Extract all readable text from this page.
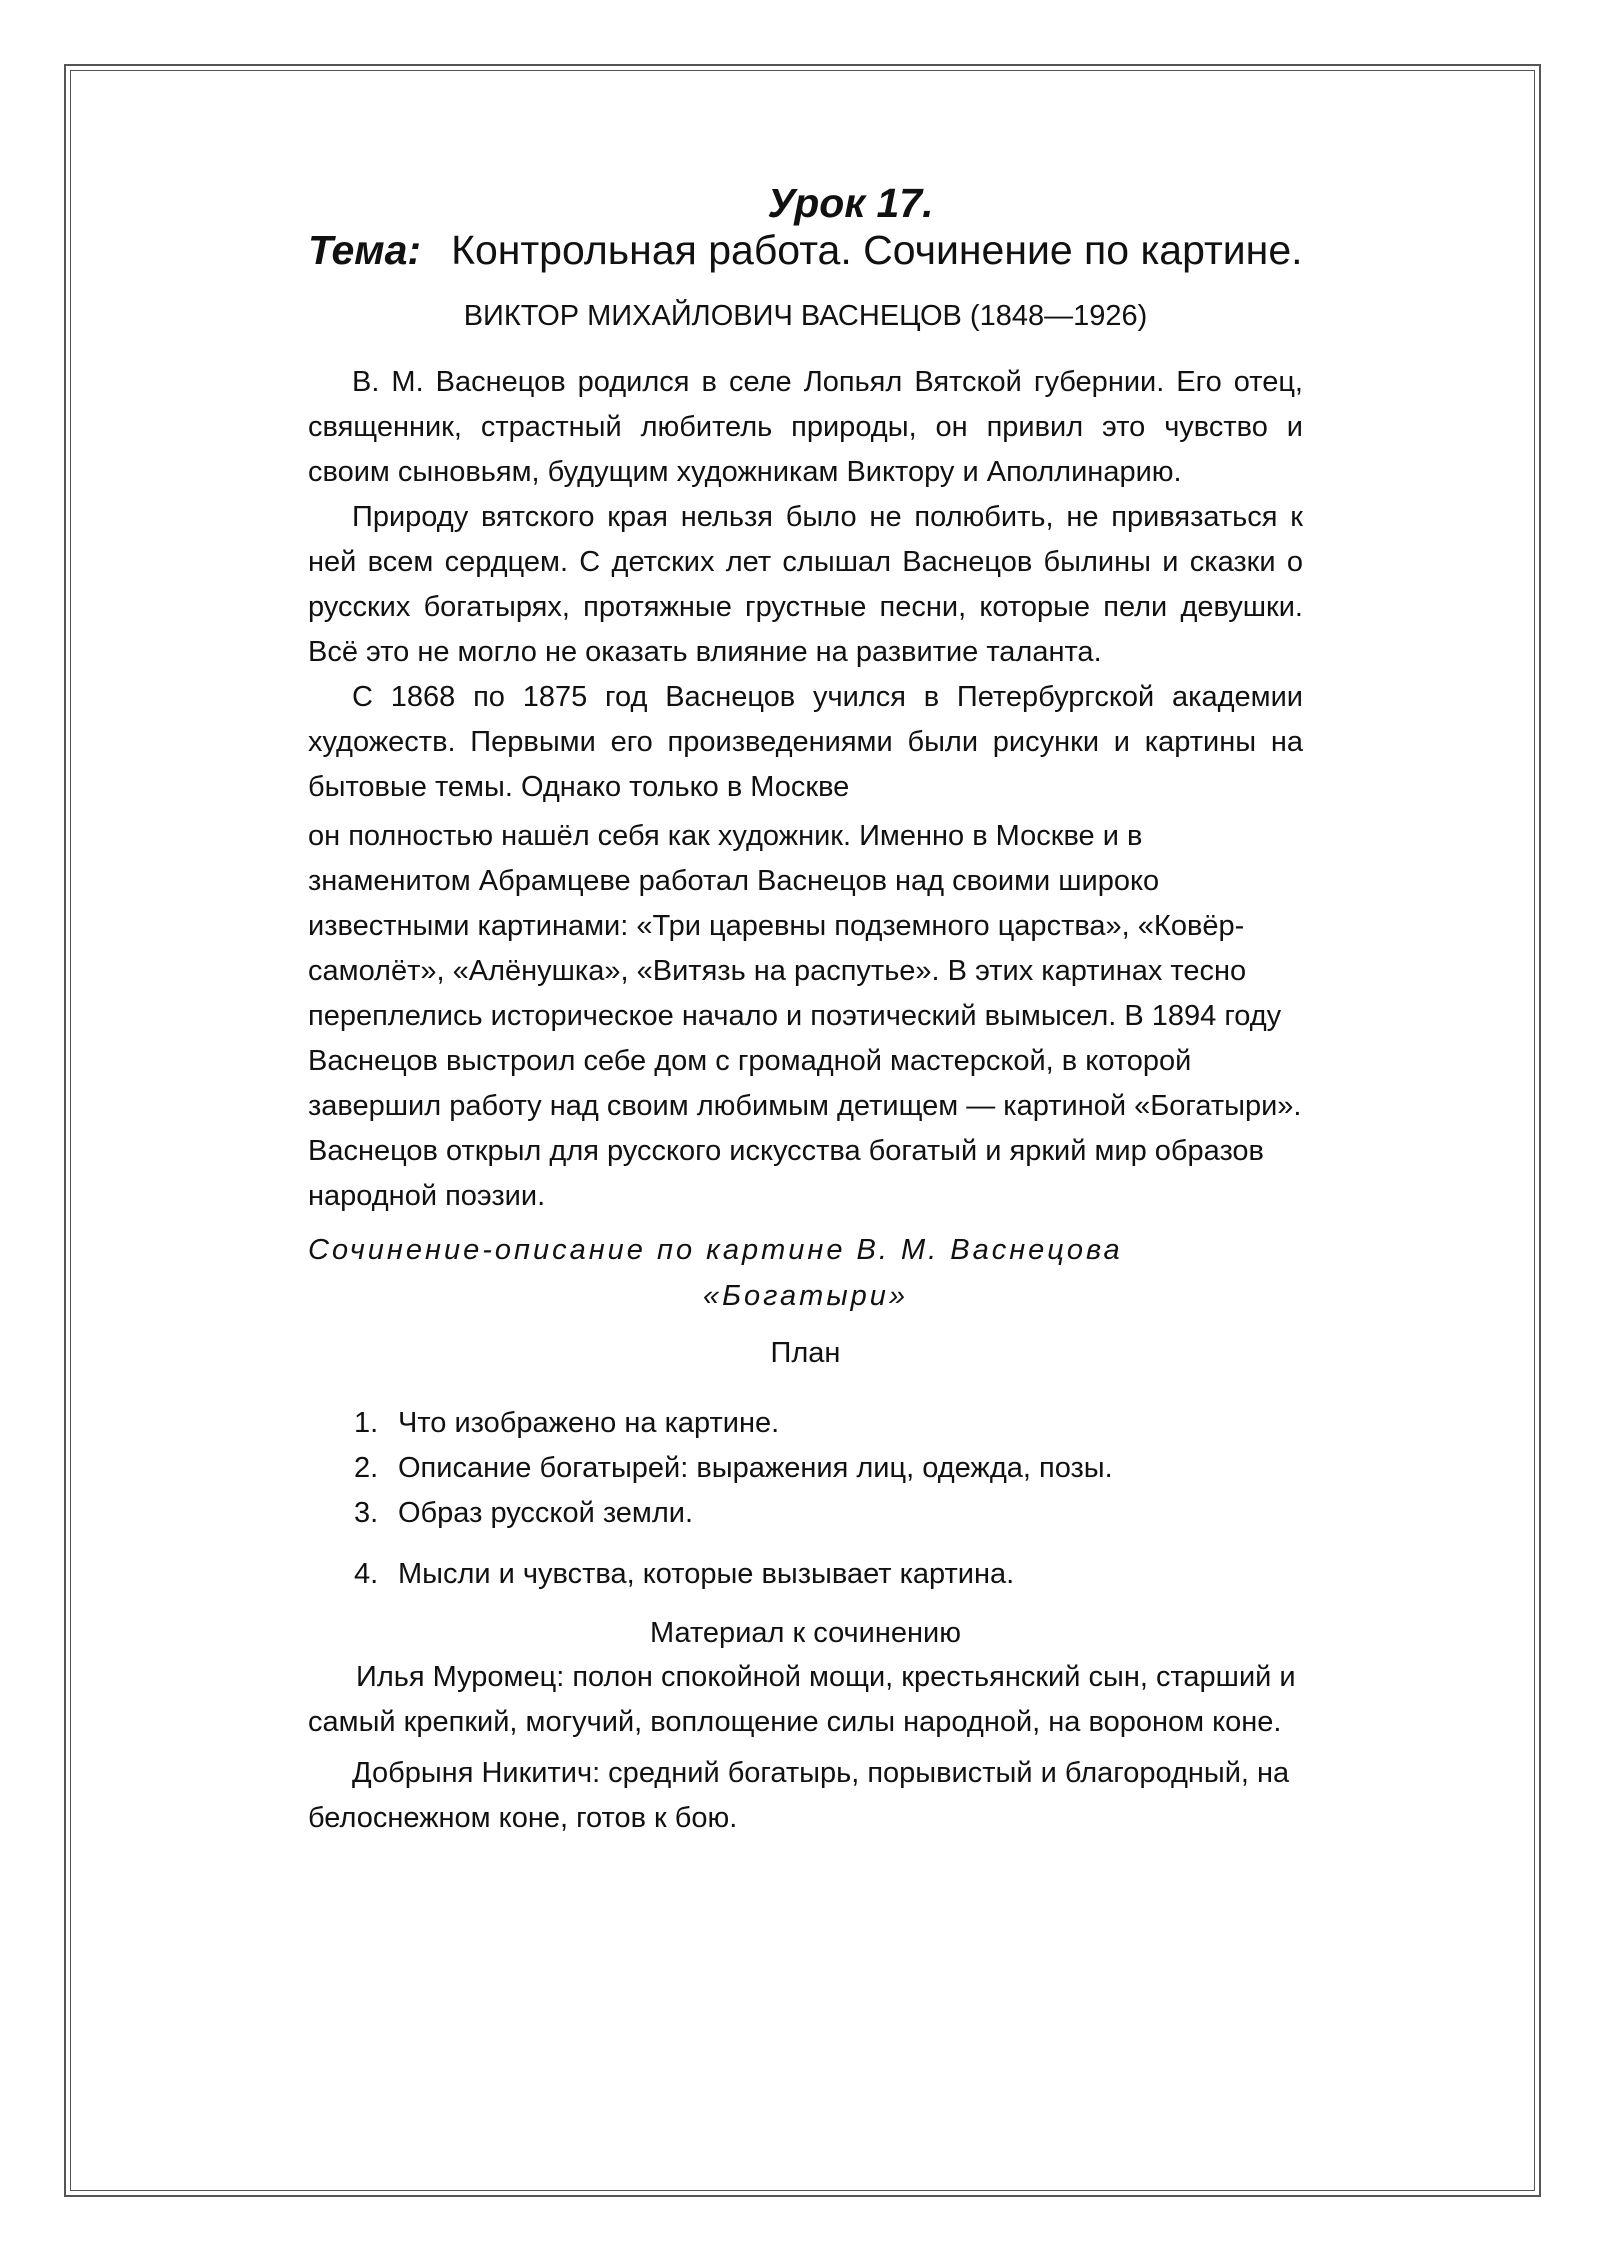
Урок 17.

Тема: Контрольная работа. Сочинение по картине.

ВИКТОР МИХАЙЛОВИЧ ВАСНЕЦОВ (1848—1926)

В. М. Васнецов родился в селе Лопьял Вятской губернии. Его отец, священник, страстный любитель природы, он привил это чувство и своим сыновьям, будущим художникам Виктору и Аполлинарию.

Природу вятского края нельзя было не полюбить, не привязаться к ней всем сердцем. С детских лет слышал Васнецов былины и сказки о русских богатырях, протяжные грустные песни, которые пели девушки. Всё это не могло не оказать влияние на развитие таланта.

С 1868 по 1875 год Васнецов учился в Петербургской академии художеств. Первыми его произведениями были рисунки и картины на бытовые темы. Однако только в Москве

он полностью нашёл себя как художник. Именно в Москве и в знаменитом Абрамцеве работал Васнецов над своими широко известными картинами: «Три царевны подземного царства», «Ковёр-самолёт», «Алёнушка», «Витязь на распутье». В этих картинах тесно переплелись историческое начало и поэтический вымысел. В 1894 году Васнецов выстроил себе дом с громадной мастерской, в которой завершил работу над своим любимым детищем — картиной «Богатыри». Васнецов открыл для русского искусства богатый и яркий мир образов народной поэзии.

Сочинение-описание по картине В. М. Васнецова

«Богатыри»

План

1. Что изображено на картине.
2. Описание богатырей: выражения лиц, одежда, позы.
3. Образ русской земли.
4. Мысли и чувства, которые вызывает картина.

Материал к сочинению

Илья Муромец: полон спокойной мощи, крестьянский сын, старший и самый крепкий, могучий, воплощение силы народной, на вороном коне.

Добрыня Никитич: средний богатырь, порывистый и благородный, на белоснежном коне, готов к бою.
